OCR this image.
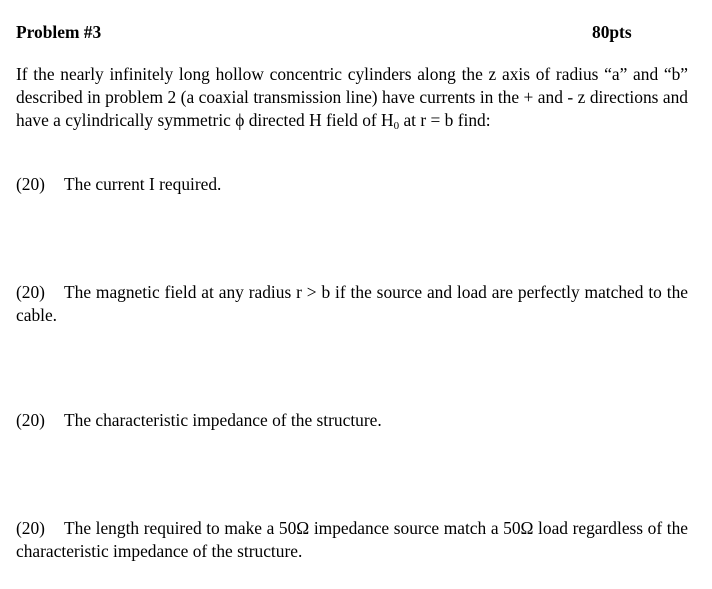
Problem #3	80pts

If the nearly infinitely long hollow concentric cylinders along the z axis of radius “a” and “b” described in problem 2 (a coaxial transmission line) have currents in the + and - z directions and have a cylindrically symmetric ϕ directed H field of $H_0$ at r = b find:

(20) The current I required.

(20) The magnetic field at any radius r > b if the source and load are perfectly matched to the cable.

(20) The characteristic impedance of the structure.

(20) The length required to make a 50Ω impedance source match a 50Ω load regardless of the characteristic impedance of the structure.
